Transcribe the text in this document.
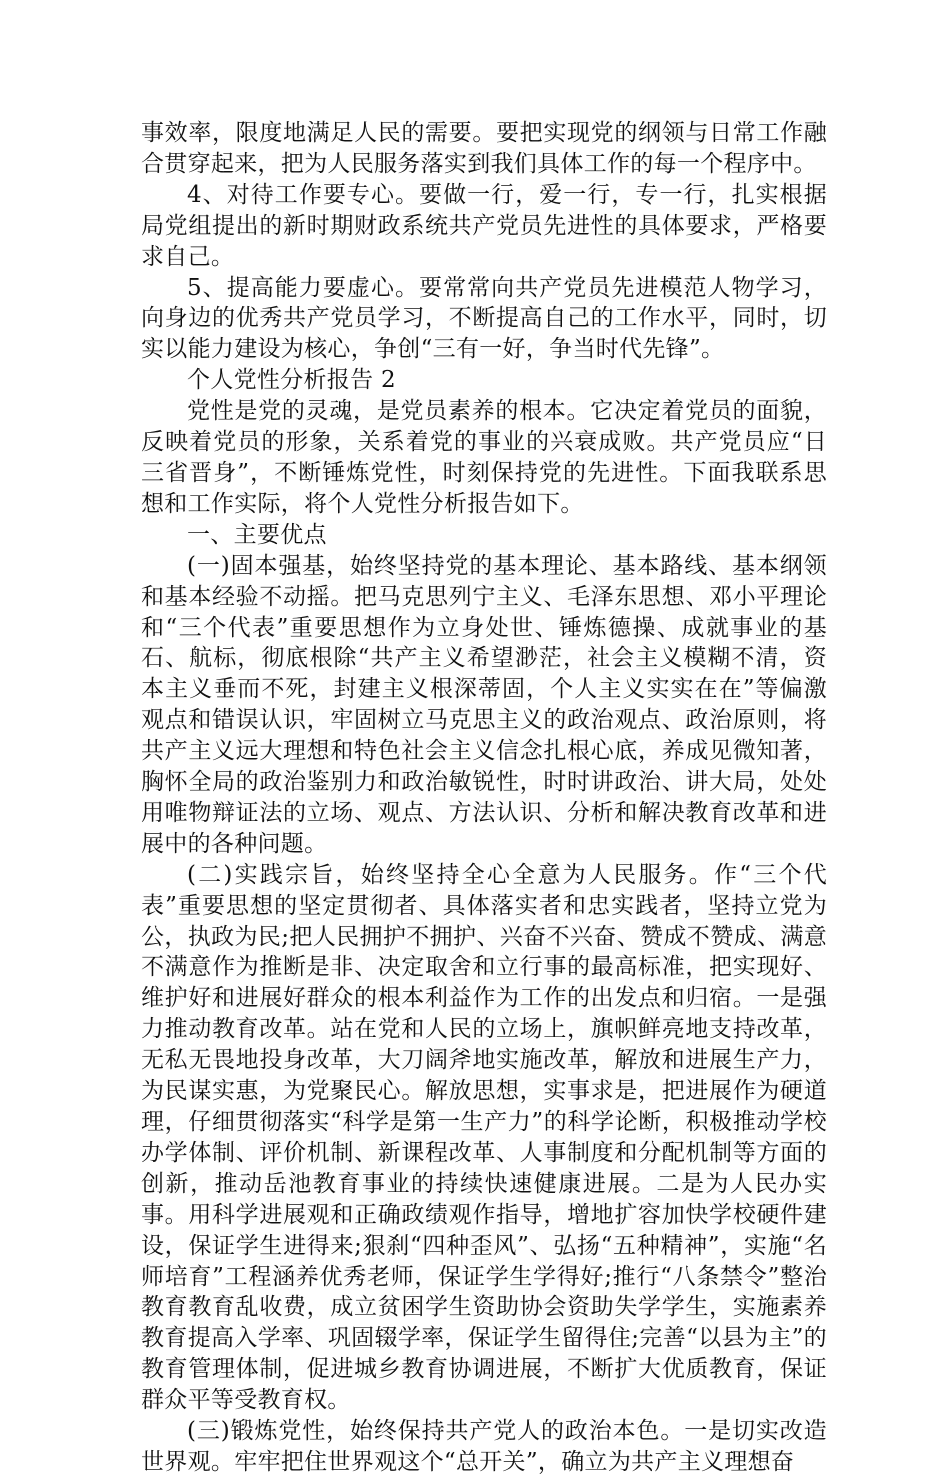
事效率，限度地满足人民的需要。要把实现党的纲领与日常工作融合贯穿起来，把为人民服务落实到我们具体工作的每一个程序中。

4、对待工作要专心。要做一行，爱一行，专一行，扎实根据局党组提出的新时期财政系统共产党员先进性的具体要求，严格要求自己。

5、提高能力要虚心。要常常向共产党员先进模范人物学习，向身边的优秀共产党员学习，不断提高自己的工作水平，同时，切实以能力建设为核心，争创“三有一好，争当时代先锋”。

个人党性分析报告 2

党性是党的灵魂，是党员素养的根本。它决定着党员的面貌，反映着党员的形象，关系着党的事业的兴衰成败。共产党员应“日三省晋身”，不断锤炼党性，时刻保持党的先进性。下面我联系思想和工作实际，将个人党性分析报告如下。

一、主要优点

(一)固本强基，始终坚持党的基本理论、基本路线、基本纲领和基本经验不动摇。把马克思列宁主义、毛泽东思想、邓小平理论和“三个代表”重要思想作为立身处世、锤炼德操、成就事业的基石、航标，彻底根除“共产主义希望渺茫，社会主义模糊不清，资本主义垂而不死，封建主义根深蒂固，个人主义实实在在”等偏激观点和错误认识，牢固树立马克思主义的政治观点、政治原则，将共产主义远大理想和特色社会主义信念扎根心底，养成见微知著，胸怀全局的政治鉴别力和政治敏锐性，时时讲政治、讲大局，处处用唯物辩证法的立场、观点、方法认识、分析和解决教育改革和进展中的各种问题。

(二)实践宗旨，始终坚持全心全意为人民服务。作“三个代表”重要思想的坚定贯彻者、具体落实者和忠实践者，坚持立党为公，执政为民;把人民拥护不拥护、兴奋不兴奋、赞成不赞成、满意不满意作为推断是非、决定取舍和立行事的最高标准，把实现好、维护好和进展好群众的根本利益作为工作的出发点和归宿。一是强力推动教育改革。站在党和人民的立场上，旗帜鲜亮地支持改革，无私无畏地投身改革，大刀阔斧地实施改革，解放和进展生产力，为民谋实惠，为党聚民心。解放思想，实事求是，把进展作为硬道理，仔细贯彻落实“科学是第一生产力”的科学论断，积极推动学校办学体制、评价机制、新课程改革、人事制度和分配机制等方面的创新，推动岳池教育事业的持续快速健康进展。二是为人民办实事。用科学进展观和正确政绩观作指导，增地扩容加快学校硬件建设，保证学生进得来;狠刹“四种歪风”、弘扬“五种精神”，实施“名师培育”工程涵养优秀老师，保证学生学得好;推行“八条禁令”整治教育教育乱收费，成立贫困学生资助协会资助失学学生，实施素养教育提高入学率、巩固辍学率，保证学生留得住;完善“以县为主”的教育管理体制，促进城乡教育协调进展，不断扩大优质教育，保证群众平等受教育权。

(三)锻炼党性，始终保持共产党人的政治本色。一是切实改造世界观。牢牢把住世界观这个“总开关”，确立为共产主义理想奋
